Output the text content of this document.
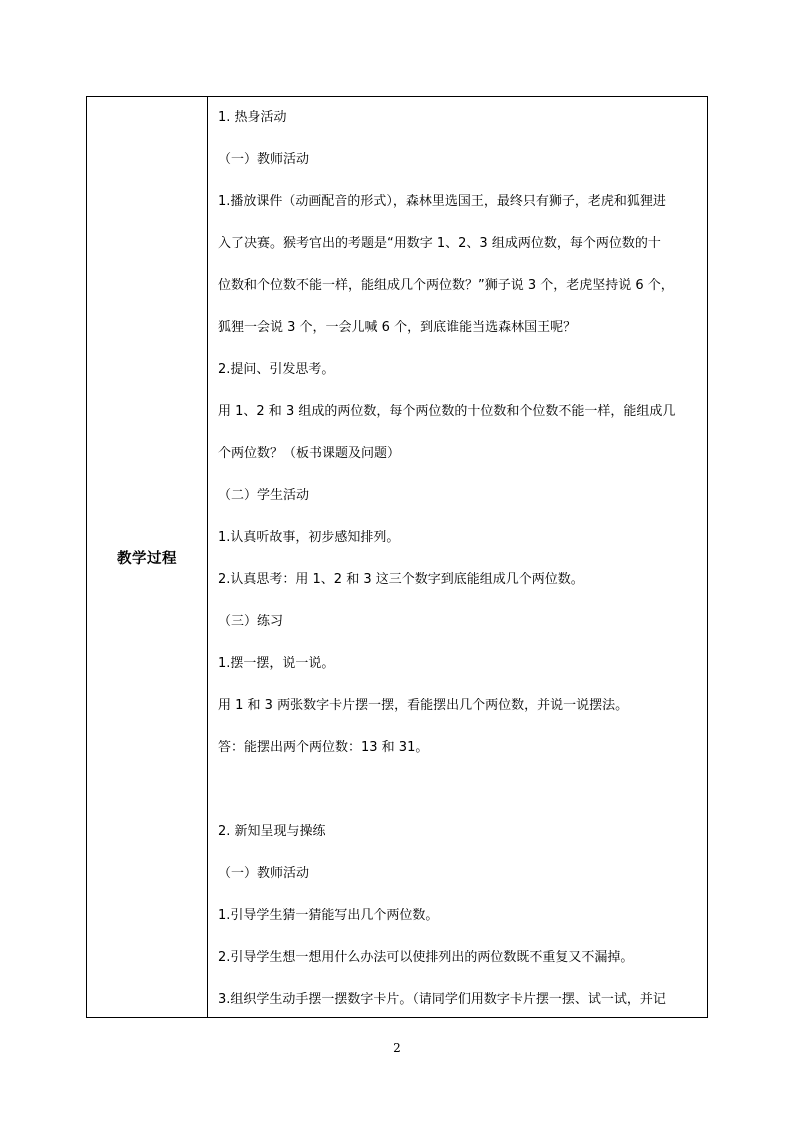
教学过程
1. 热身活动
（一）教师活动
1.播放课件（动画配音的形式），森林里选国王，最终只有狮子，老虎和狐狸进
入了决赛。猴考官出的考题是“用数字 1、2、3 组成两位数，每个两位数的十
位数和个位数不能一样，能组成几个两位数？”狮子说 3 个，老虎坚持说 6 个，
狐狸一会说 3 个，一会儿喊 6 个，到底谁能当选森林国王呢？
2.提问、引发思考。
用 1、2 和 3 组成的两位数，每个两位数的十位数和个位数不能一样，能组成几
个两位数？（板书课题及问题）
（二）学生活动
1.认真听故事，初步感知排列。
2.认真思考：用 1、2 和 3 这三个数字到底能组成几个两位数。
（三）练习
1.摆一摆，说一说。
用 1 和 3 两张数字卡片摆一摆，看能摆出几个两位数，并说一说摆法。
答：能摆出两个两位数：13 和 31。
2. 新知呈现与操练
（一）教师活动
1.引导学生猜一猜能写出几个两位数。
2.引导学生想一想用什么办法可以使排列出的两位数既不重复又不漏掉。
3.组织学生动手摆一摆数字卡片。（请同学们用数字卡片摆一摆、试一试，并记
2
